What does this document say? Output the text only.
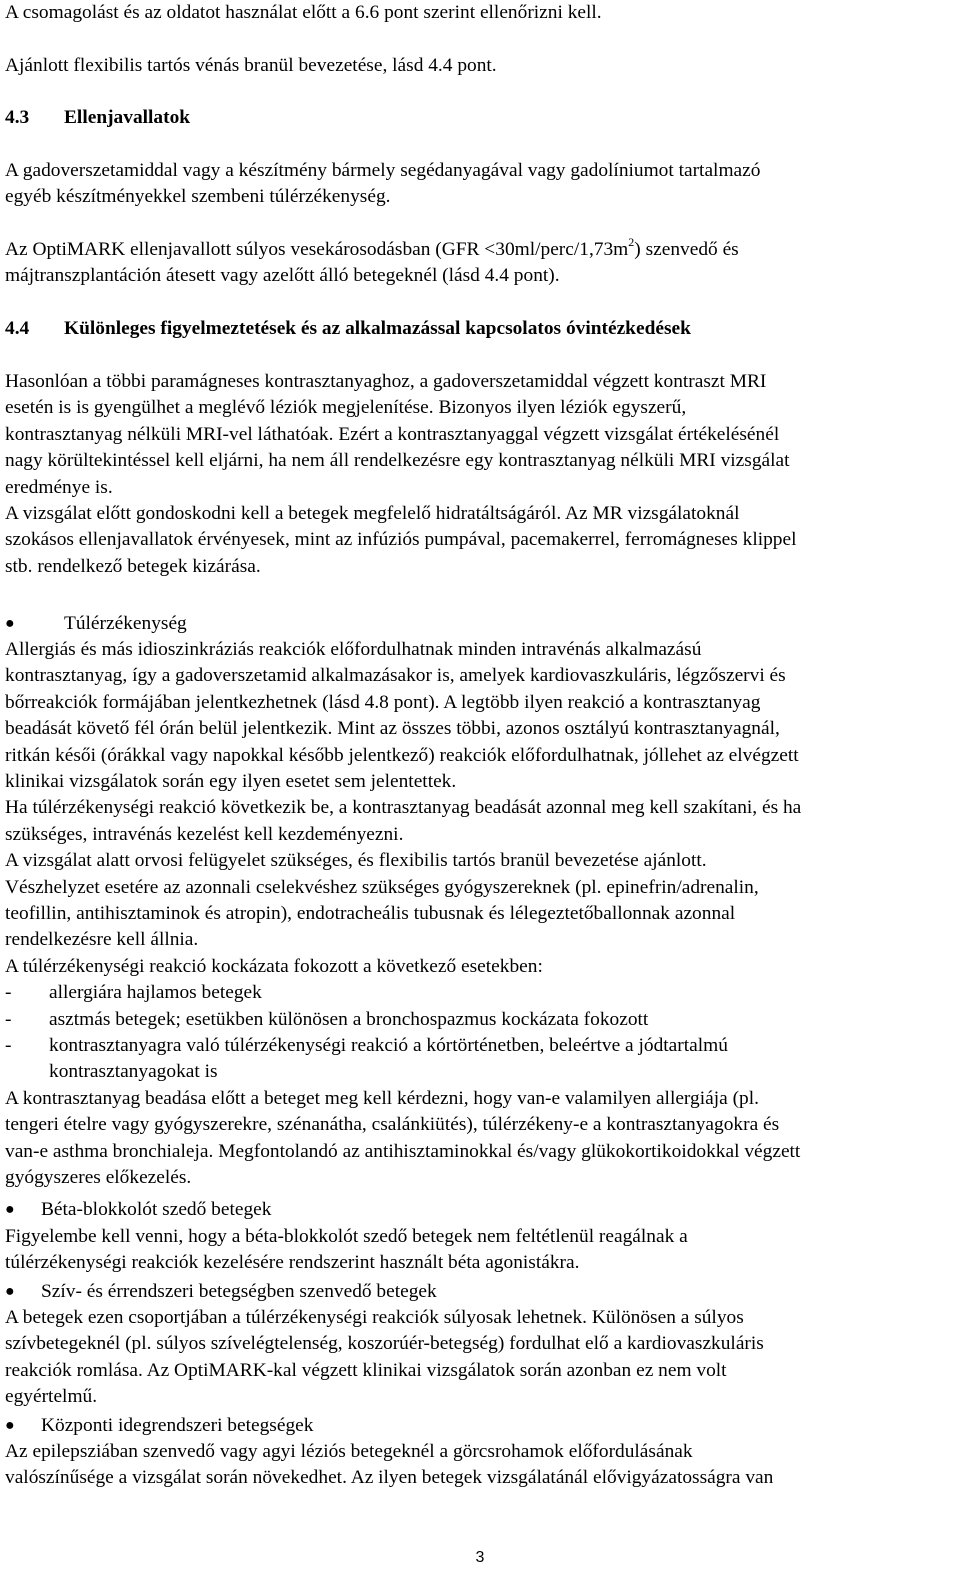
A csomagolást és az oldatot használat előtt a 6.6 pont szerint ellenőrizni kell.

Ajánlott flexibilis tartós vénás branül bevezetése, lásd 4.4 pont.

4.3	Ellenjavallatok

A gadoverszetamiddal vagy a készítmény bármely segédanyagával vagy gadolíniumot tartalmazó
egyéb készítményekkel szembeni túlérzékenység.

Az OptiMARK ellenjavallott súlyos vesekárosodásban $(GFR <30ml/perc/1,73m^2)$ szenvedő és
májtranszplantáción átesett vagy azelőtt álló betegeknél (lásd 4.4 pont).

4.4	Különleges figyelmeztetések és az alkalmazással kapcsolatos óvintézkedések

Hasonlóan a többi paramágneses kontrasztanyaghoz, a gadoverszetamiddal végzett kontraszt MRI
esetén is is gyengülhet a meglévő léziók megjelenítése. Bizonyos ilyen léziók egyszerű,
kontrasztanyag nélküli MRI-vel láthatóak. Ezért a kontrasztanyaggal végzett vizsgálat értékelésénél
nagy körültekintéssel kell eljárni, ha nem áll rendelkezésre egy kontrasztanyag nélküli MRI vizsgálat
eredménye is.
A vizsgálat előtt gondoskodni kell a betegek megfelelő hidratáltságáról. Az MR vizsgálatoknál
szokásos ellenjavallatok érvényesek, mint az infúziós pumpával, pacemakerrel, ferromágneses klippel
stb. rendelkező betegek kizárása.

●	Túlérzékenység

Allergiás és más idioszinkráziás reakciók előfordulhatnak minden intravénás alkalmazású
kontrasztanyag, így a gadoverszetamid alkalmazásakor is, amelyek kardiovaszkuláris, légzőszervi és
bőrreakciók formájában jelentkezhetnek (lásd 4.8 pont). A legtöbb ilyen reakció a kontrasztanyag
beadását követő fél órán belül jelentkezik. Mint az összes többi, azonos osztályú kontrasztanyagnál,
ritkán késői (órákkal vagy napokkal később jelentkező) reakciók előfordulhatnak, jóllehet az elvégzett
klinikai vizsgálatok során egy ilyen esetet sem jelentettek.
Ha túlérzékenységi reakció következik be, a kontrasztanyag beadását azonnal meg kell szakítani, és ha
szükséges, intravénás kezelést kell kezdeményezni.
A vizsgálat alatt orvosi felügyelet szükséges, és flexibilis tartós branül bevezetése ajánlott.
Vészhelyzet esetére az azonnali cselekvéshez szükséges gyógyszereknek (pl. epinefrin/adrenalin,
teofillin, antihisztaminok és atropin), endotracheális tubusnak és lélegeztetőballonnak azonnal
rendelkezésre kell állnia.
A túlérzékenységi reakció kockázata fokozott a következő esetekben:

-	allergiára hajlamos betegek
-	asztmás betegek; esetükben különösen a bronchospazmus kockázata fokozott
-	kontrasztanyagra való túlérzékenységi reakció a kórtörténetben, beleértve a jódtartalmú
kontrasztanyagokat is

A kontrasztanyag beadása előtt a beteget meg kell kérdezni, hogy van-e valamilyen allergiája (pl.
tengeri ételre vagy gyógyszerekre, szénanátha, csalánkiütés), túlérzékeny-e a kontrasztanyagokra és
van-e asthma bronchialeja. Megfontolandó az antihisztaminokkal és/vagy glükokortikoidokkal végzett
gyógyszeres előkezelés.

●	Béta-blokkolót szedő betegek

Figyelembe kell venni, hogy a béta-blokkolót szedő betegek nem feltétlenül reagálnak a
túlérzékenységi reakciók kezelésére rendszerint használt béta agonistákra.

●	Szív- és érrendszeri betegségben szenvedő betegek

A betegek ezen csoportjában a túlérzékenységi reakciók súlyosak lehetnek. Különösen a súlyos
szívbetegeknél (pl. súlyos szívelégtelenség, koszorúér-betegség) fordulhat elő a kardiovaszkuláris
reakciók romlása. Az OptiMARK-kal végzett klinikai vizsgálatok során azonban ez nem volt
egyértelmű.

●	Központi idegrendszeri betegségek

Az epilepsziában szenvedő vagy agyi léziós betegeknél a görcsrohamok előfordulásának
valószínűsége a vizsgálat során növekedhet. Az ilyen betegek vizsgálatánál elővigyázatosságra van

3
